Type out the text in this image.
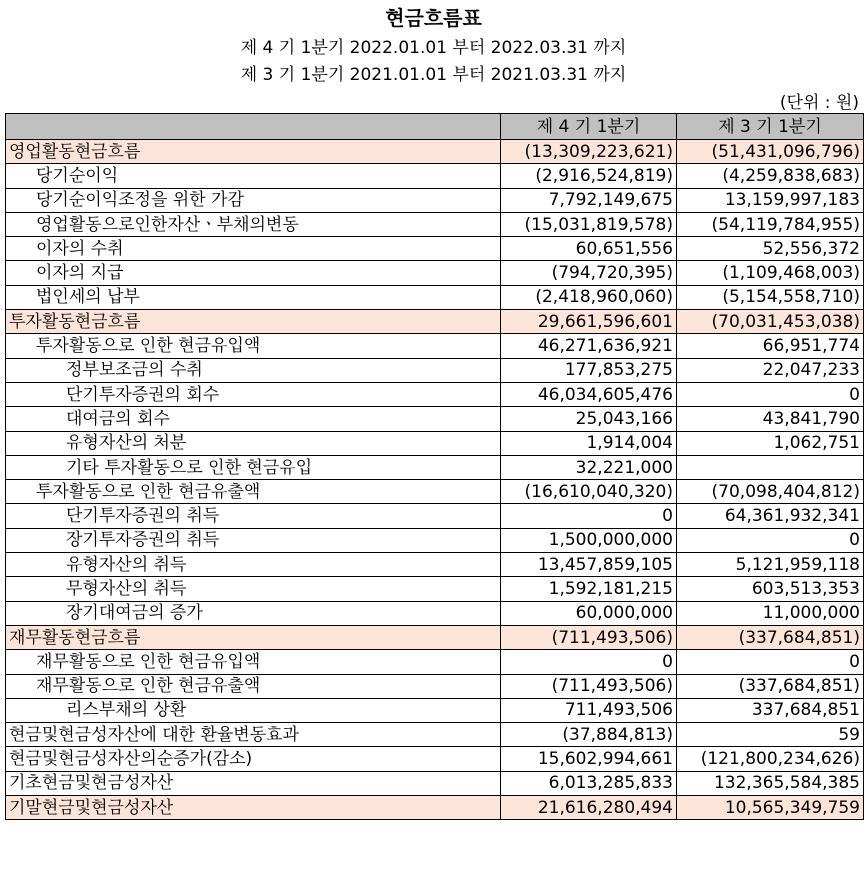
현금흐름표
제 4 기 1분기 2022.01.01 부터 2022.03.31 까지
제 3 기 1분기 2021.01.01 부터 2021.03.31 까지
(단위 : 원)
	제 4 기 1분기	제 3 기 1분기
영업활동현금흐름	(13,309,223,621)	(51,431,096,796)
당기순이익	(2,916,524,819)	(4,259,838,683)
당기순이익조정을 위한 가감	7,792,149,675	13,159,997,183
영업활동으로인한자산ㆍ부채의변동	(15,031,819,578)	(54,119,784,955)
이자의 수취	60,651,556	52,556,372
이자의 지급	(794,720,395)	(1,109,468,003)
법인세의 납부	(2,418,960,060)	(5,154,558,710)
투자활동현금흐름	29,661,596,601	(70,031,453,038)
투자활동으로 인한 현금유입액	46,271,636,921	66,951,774
정부보조금의 수취	177,853,275	22,047,233
단기투자증권의 회수	46,034,605,476	0
대여금의 회수	25,043,166	43,841,790
유형자산의 처분	1,914,004	1,062,751
기타 투자활동으로 인한 현금유입	32,221,000	
투자활동으로 인한 현금유출액	(16,610,040,320)	(70,098,404,812)
단기투자증권의 취득	0	64,361,932,341
장기투자증권의 취득	1,500,000,000	0
유형자산의 취득	13,457,859,105	5,121,959,118
무형자산의 취득	1,592,181,215	603,513,353
장기대여금의 증가	60,000,000	11,000,000
재무활동현금흐름	(711,493,506)	(337,684,851)
재무활동으로 인한 현금유입액	0	0
재무활동으로 인한 현금유출액	(711,493,506)	(337,684,851)
리스부채의 상환	711,493,506	337,684,851
현금및현금성자산에 대한 환율변동효과	(37,884,813)	59
현금및현금성자산의순증가(감소)	15,602,994,661	(121,800,234,626)
기초현금및현금성자산	6,013,285,833	132,365,584,385
기말현금및현금성자산	21,616,280,494	10,565,349,759
